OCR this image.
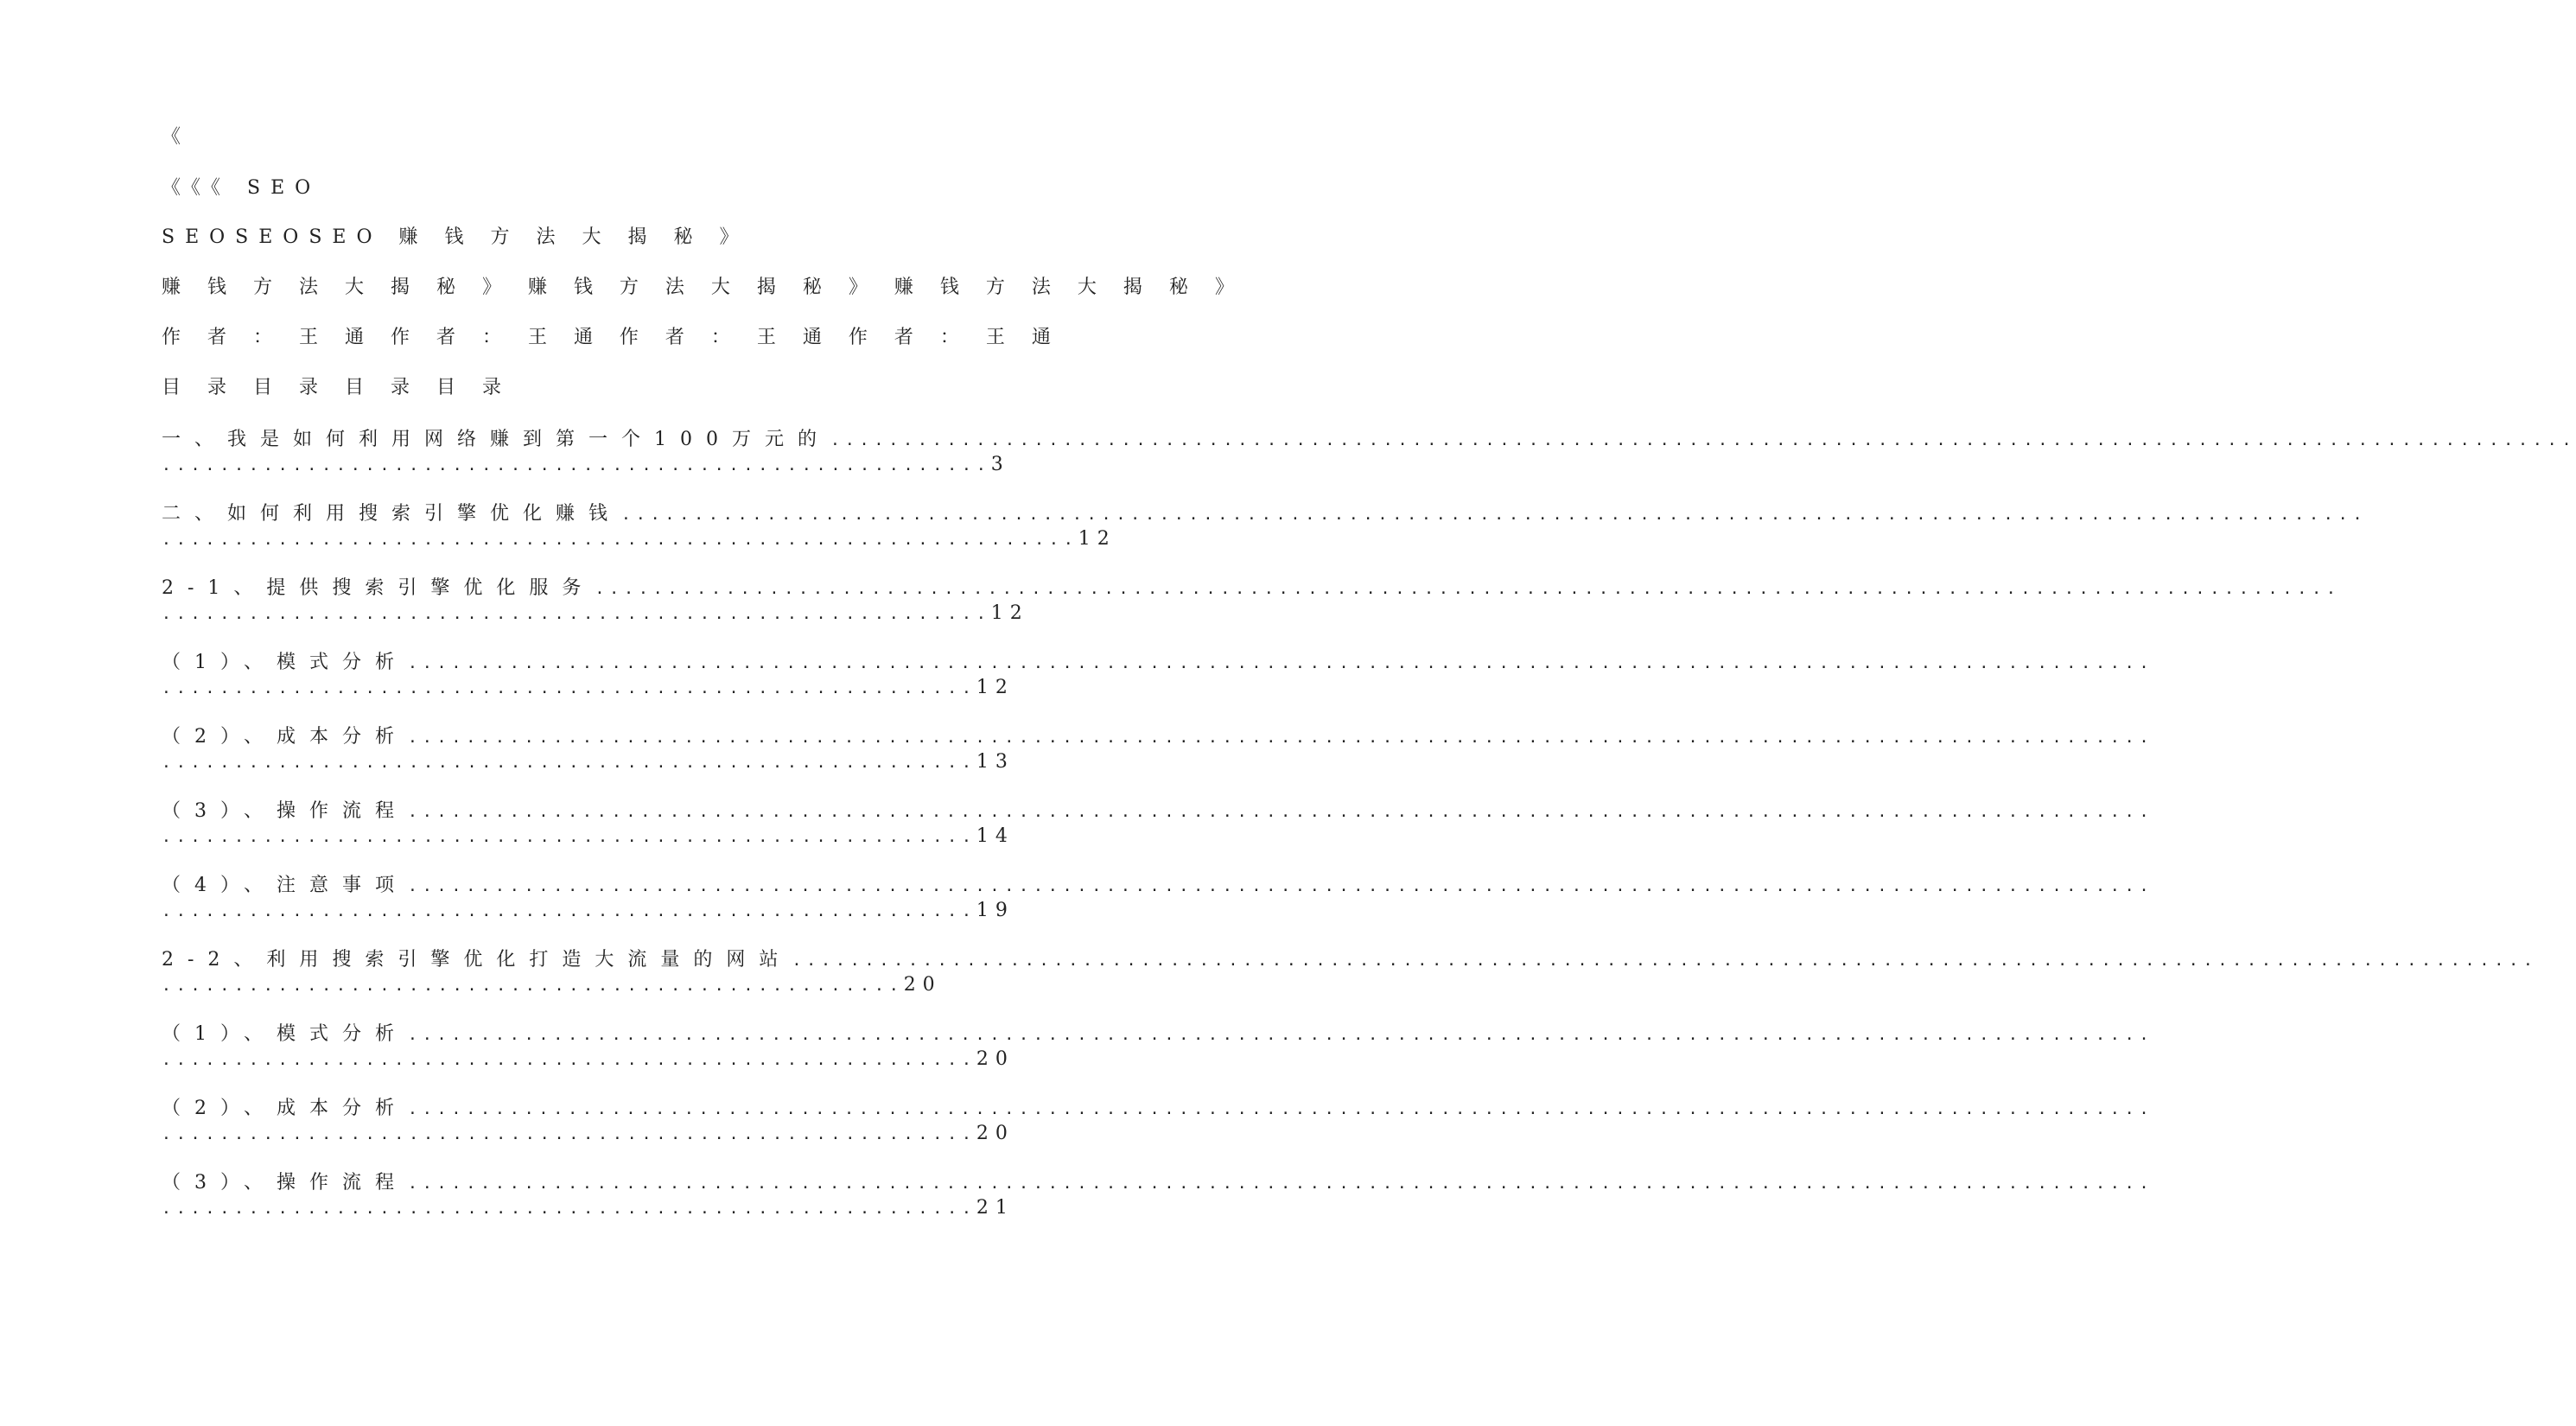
《
《《《 SEO
SEOSEOSEO 赚 钱 方 法 大 揭 秘 》
赚 钱 方 法 大 揭 秘 》 赚 钱 方 法 大 揭 秘 》 赚 钱 方 法 大 揭 秘 》
作 者 ： 王 通 作 者 ： 王 通 作 者 ： 王 通 作 者 ： 王 通
目 录 目 录 目 录 目 录
一、我是如何利用网络赚到第一个100万元的 ........................................................................................................................
.........................................................3
二、如何利用搜索引擎优化赚钱 ........................................................................................................................
...............................................................12
2-1、提供搜索引擎优化服务 ........................................................................................................................
.........................................................12
（1）、模式分析 ........................................................................................................................
........................................................12
（2）、成本分析 ........................................................................................................................
........................................................13
（3）、操作流程 ........................................................................................................................
........................................................14
（4）、注意事项 ........................................................................................................................
........................................................19
2-2、利用搜索引擎优化打造大流量的网站 ........................................................................................................................
...................................................20
（1）、模式分析 ........................................................................................................................
........................................................20
（2）、成本分析 ........................................................................................................................
........................................................20
（3）、操作流程 ........................................................................................................................
........................................................21
